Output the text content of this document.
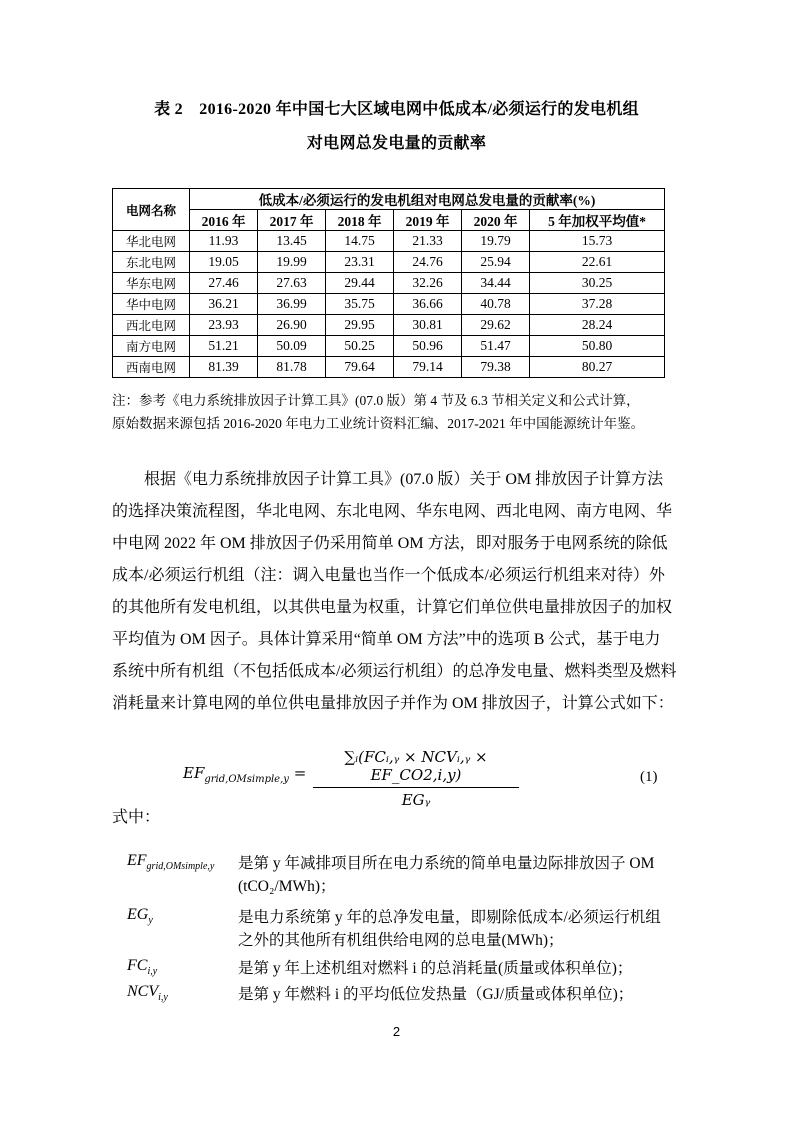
表 2　2016-2020 年中国七大区域电网中低成本/必须运行的发电机组
对电网总发电量的贡献率
电网名称	低成本/必须运行的发电机组对电网总发电量的贡献率(%)					
	2016 年	2017 年	2018 年	2019 年	2020 年	5 年加权平均值*
华北电网	11.93	13.45	14.75	21.33	19.79	15.73
东北电网	19.05	19.99	23.31	24.76	25.94	22.61
华东电网	27.46	27.63	29.44	32.26	34.44	30.25
华中电网	36.21	36.99	35.75	36.66	40.78	37.28
西北电网	23.93	26.90	29.95	30.81	29.62	28.24
南方电网	51.21	50.09	50.25	50.96	51.47	50.80
西南电网	81.39	81.78	79.64	79.14	79.38	80.27
注：参考《电力系统排放因子计算工具》(07.0 版）第 4 节及 6.3 节相关定义和公式计算，
原始数据来源包括 2016-2020 年电力工业统计资料汇编、2017-2021 年中国能源统计年鉴。
　　根据《电力系统排放因子计算工具》(07.0 版）关于 OM 排放因子计算方法
的选择决策流程图，华北电网、东北电网、华东电网、西北电网、南方电网、华
中电网 2022 年 OM 排放因子仍采用简单 OM 方法，即对服务于电网系统的除低
成本/必须运行机组（注：调入电量也当作一个低成本/必须运行机组来对待）外
的其他所有发电机组，以其供电量为权重，计算它们单位供电量排放因子的加权
平均值为 OM 因子。具体计算采用“简单 OM 方法”中的选项 B 公式，基于电力
系统中所有机组（不包括低成本/必须运行机组）的总净发电量、燃料类型及燃料
消耗量来计算电网的单位供电量排放因子并作为 OM 排放因子，计算公式如下：
$EF_{grid,OMsimple,y}$ =
∑ᵢ(FCᵢ,ᵧ × NCVᵢ,ᵧ × EF_CO2,i,y)
EGᵧ
(1)
式中：
$EF_{grid,OMsimple,y}$ 是第 y 年减排项目所在电力系统的简单电量边际排放因子 OM
(tCO₂/MWh)；
$EG_y$	是电力系统第 y 年的总净发电量，即剔除低成本/必须运行机组
之外的其他所有机组供给电网的总电量(MWh)；
$FC_{i,y}$	是第 y 年上述机组对燃料 i 的总消耗量(质量或体积单位)；
$NCV_{i,y}$	是第 y 年燃料 i 的平均低位发热量（GJ/质量或体积单位)；
2
